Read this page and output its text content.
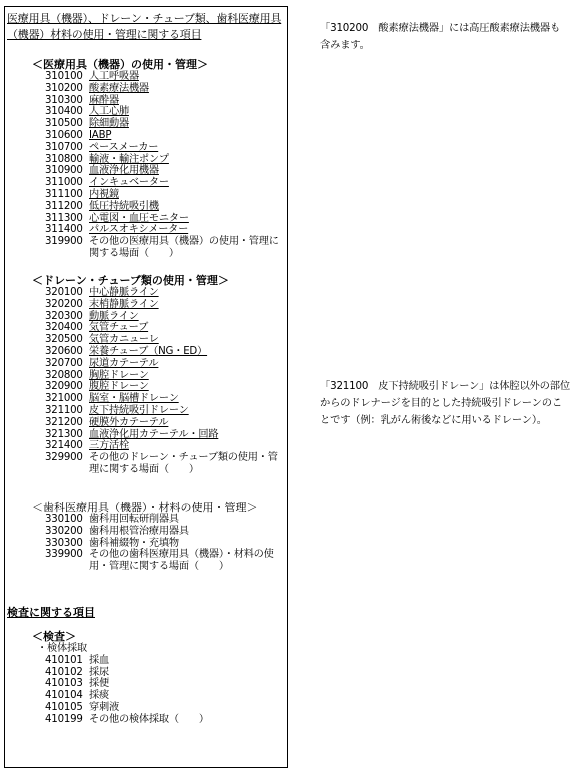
医療用具（機器）、ドレーン・チューブ類、歯科医療用具（機器）材料の使用・管理に関する項目
＜医療用具（機器）の使用・管理＞
310100 人工呼吸器
310200 酸素療法機器
310300 麻酔器
310400 人工心肺
310500 除細動器
310600 IABP
310700 ペースメーカー
310800 輸液・輸注ポンプ
310900 血液浄化用機器
311000 インキュベーター
311100 内視鏡
311200 低圧持続吸引機
311300 心電図・血圧モニター
311400 パルスオキシメーター
319900 その他の医療用具（機器）の使用・管理に関する場面（　　）
＜ドレーン・チューブ類の使用・管理＞
320100 中心静脈ライン
320200 末梢静脈ライン
320300 動脈ライン
320400 気管チューブ
320500 気管カニューレ
320600 栄養チューブ（NG・ED）
320700 尿道カテーテル
320800 胸腔ドレーン
320900 腹腔ドレーン
321000 脳室・脳槽ドレーン
321100 皮下持続吸引ドレーン
321200 硬膜外カテーテル
321300 血液浄化用カテーテル・回路
321400 三方活栓
329900 その他のドレーン・チューブ類の使用・管理に関する場面（　　）
＜歯科医療用具（機器）・材料の使用・管理＞
330100 歯科用回転研削器具
330200 歯科用根管治療用器具
330300 歯科補綴物・充填物
339900 その他の歯科医療用具（機器）・材料の使用・管理に関する場面（　　）
検査に関する項目
＜検査＞
・検体採取
410101 採血
410102 採尿
410103 採便
410104 採痰
410105 穿刺液
410199 その他の検体採取（　　）
「310200　酸素療法機器」には高圧酸素療法機器も含みます。
「321100　皮下持続吸引ドレーン」は体腔以外の部位からのドレナージを目的とした持続吸引ドレーンのことです（例：乳がん術後などに用いるドレーン）。
